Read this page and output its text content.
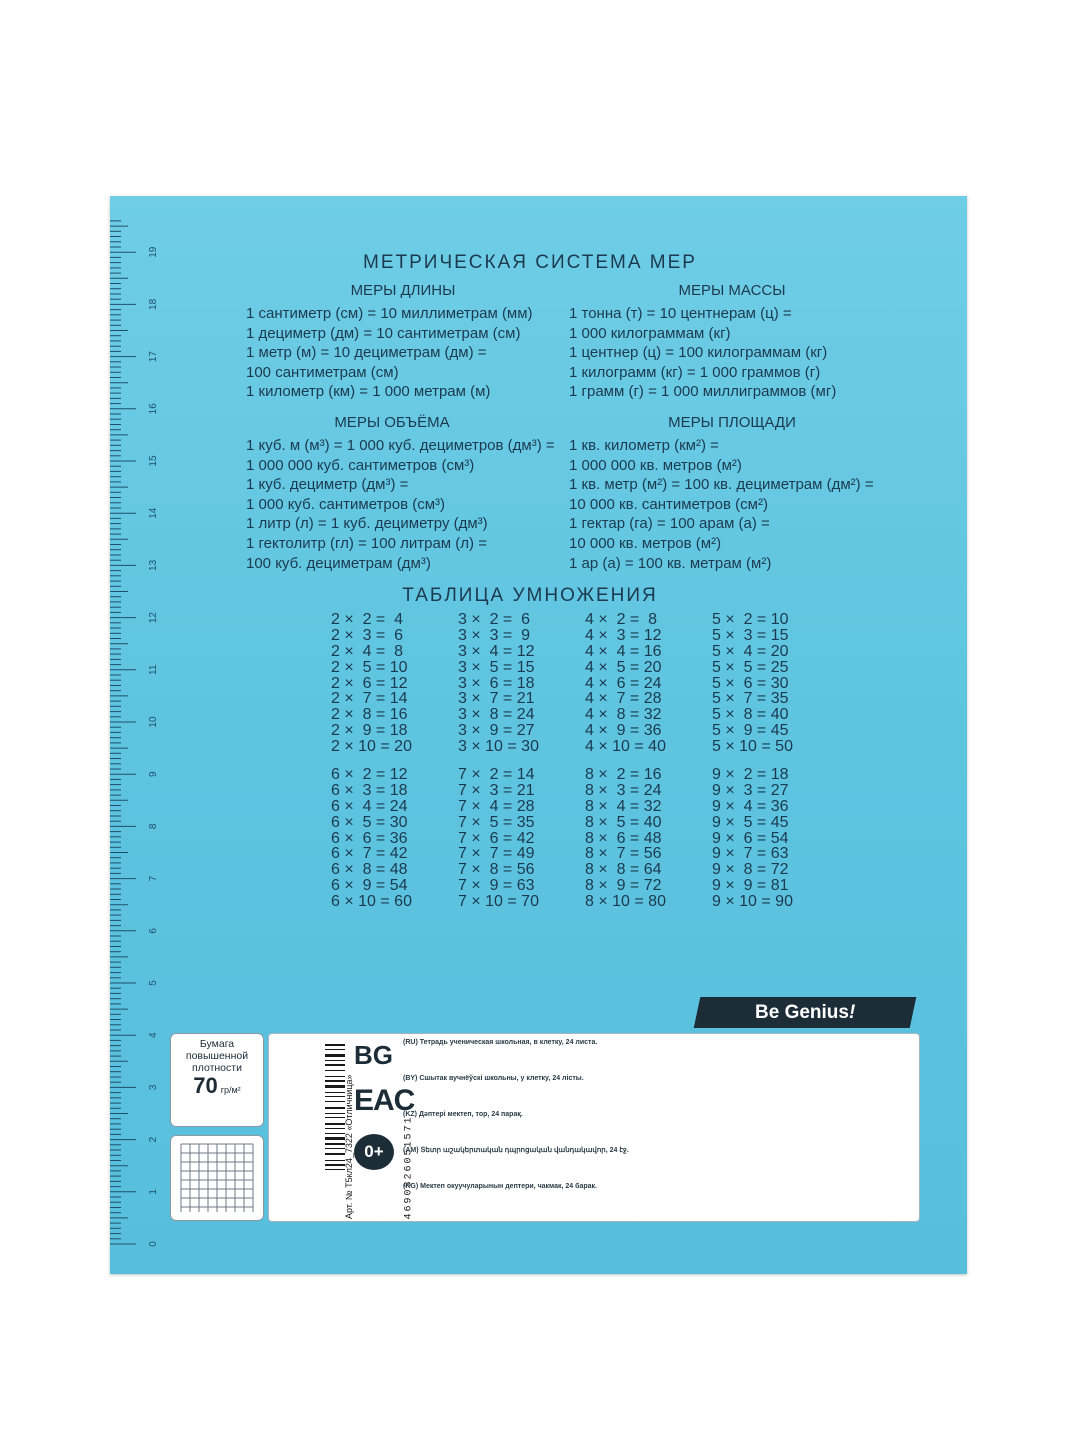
0
1
2
3
4
5
6
7
8
9
10
11
12
13
14
15
16
17
18
19	МЕТРИЧЕСКАЯ СИСТЕМА МЕР
МЕРЫ ДЛИНЫ	МЕРЫ МАССЫ
1 сантиметр (см) = 10 миллиметрам (мм)
1 дециметр (дм) = 10 сантиметрам (см)
1 метр (м) = 10 дециметрам (дм) =
100 сантиметрам (см)
1 километр (км) = 1 000 метрам (м)
1 тонна (т) = 10 центнерам (ц) =
1 000 килограммам (кг)
1 центнер (ц) = 100 килограммам (кг)
1 килограмм (кг) = 1 000 граммов (г)
1 грамм (г) = 1 000 миллиграммов (мг)
МЕРЫ ОБЪЁМА	МЕРЫ ПЛОЩАДИ
1 куб. м (м³) = 1 000 куб. дециметров (дм³) =
1 000 000 куб. сантиметров (см³)
1 куб. дециметр (дм³) =
1 000 куб. сантиметров (см³)
1 литр (л) = 1 куб. дециметру (дм³)
1 гектолитр (гл) = 100 литрам (л) =
100 куб. дециметрам (дм³)
1 кв. километр (км²) =
1 000 000 кв. метров (м²)
1 кв. метр (м²) = 100 кв. дециметрам (дм²) =
10 000 кв. сантиметров (см²)
1 гектар (га) = 100 арам (а) =
10 000 кв. метров (м²)
1 ар (а) = 100 кв. метрам (м²)
ТАБЛИЦА УМНОЖЕНИЯ
2 ×  2 =  4
2 ×  3 =  6
2 ×  4 =  8
2 ×  5 = 10
2 ×  6 = 12
2 ×  7 = 14
2 ×  8 = 16
2 ×  9 = 18
2 × 10 = 20
3 ×  2 =  6
3 ×  3 =  9
3 ×  4 = 12
3 ×  5 = 15
3 ×  6 = 18
3 ×  7 = 21
3 ×  8 = 24
3 ×  9 = 27
3 × 10 = 30
4 ×  2 =  8
4 ×  3 = 12
4 ×  4 = 16
4 ×  5 = 20
4 ×  6 = 24
4 ×  7 = 28
4 ×  8 = 32
4 ×  9 = 36
4 × 10 = 40
5 ×  2 = 10
5 ×  3 = 15
5 ×  4 = 20
5 ×  5 = 25
5 ×  6 = 30
5 ×  7 = 35
5 ×  8 = 40
5 ×  9 = 45
5 × 10 = 50
6 ×  2 = 12
6 ×  3 = 18
6 ×  4 = 24
6 ×  5 = 30
6 ×  6 = 36
6 ×  7 = 42
6 ×  8 = 48
6 ×  9 = 54
6 × 10 = 60
7 ×  2 = 14
7 ×  3 = 21
7 ×  4 = 28
7 ×  5 = 35
7 ×  6 = 42
7 ×  7 = 49
7 ×  8 = 56
7 ×  9 = 63
7 × 10 = 70
8 ×  2 = 16
8 ×  3 = 24
8 ×  4 = 32
8 ×  5 = 40
8 ×  6 = 48
8 ×  7 = 56
8 ×  8 = 64
8 ×  9 = 72
8 × 10 = 80
9 ×  2 = 18
9 ×  3 = 27
9 ×  4 = 36
9 ×  5 = 45
9 ×  6 = 54
9 ×  7 = 63
9 ×  8 = 72
9 ×  9 = 81
9 × 10 = 90
Be Genius!
Бумага
повышенной
плотности
70 гр/м²	Арт. № T5кл24_7322 «Отличница»	4690326051571
BG
EAC
0+
(RU) Тетрадь ученическая школьная, в клетку, 24 листа.
(BY) Сшытак вучнёўскі школьны, у клетку, 24 лісты.
(KZ) Дәптері мектеп, тор, 24 парақ.
(AM) Տետր աշակերտական դպրոցական վանդակավոր, 24 էջ.
(KG) Мектеп окуучуларынын дептери, чакмак, 24 барак.
